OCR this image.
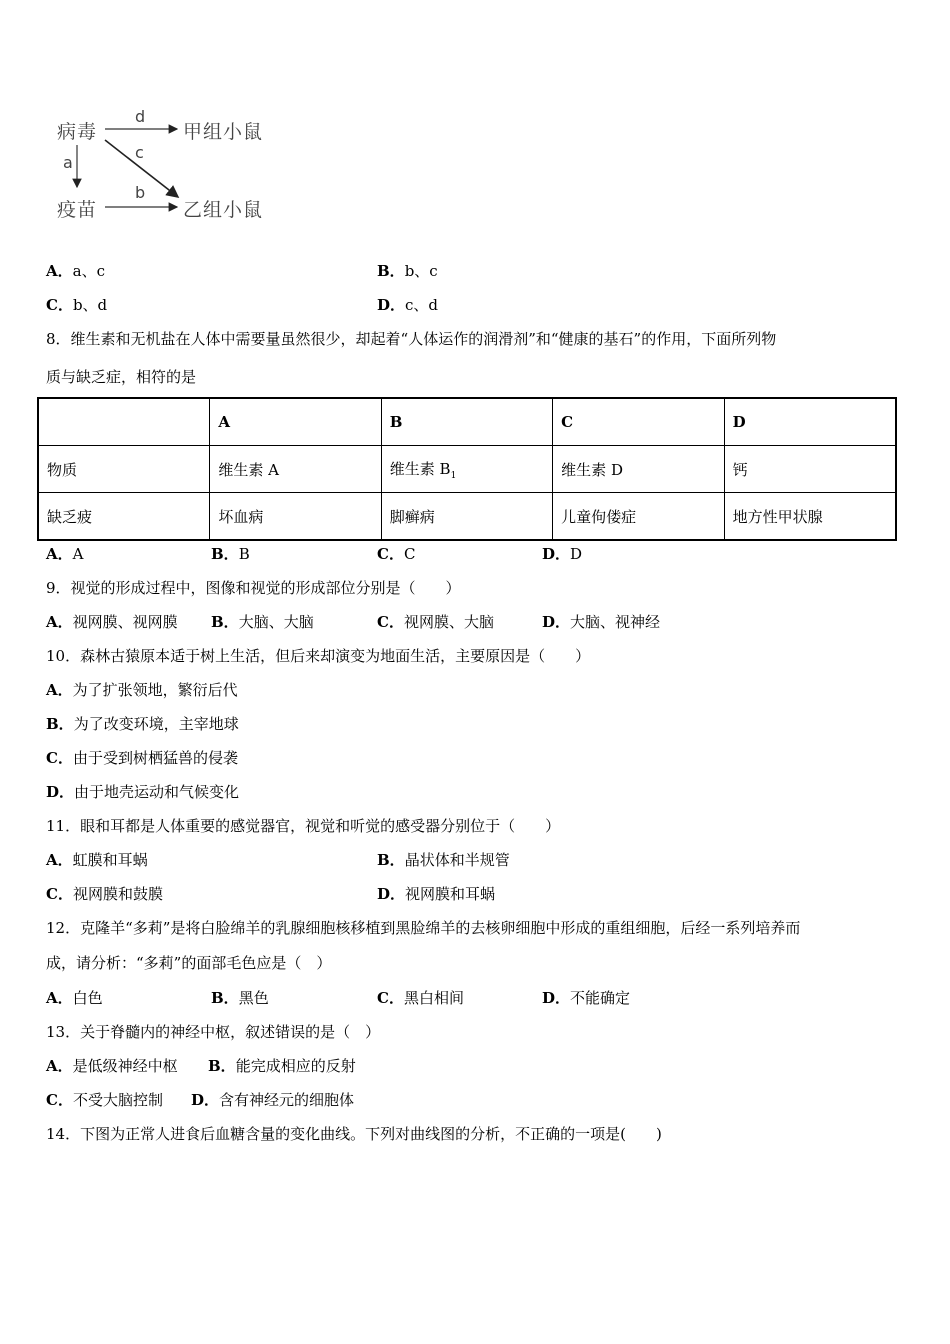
病毒
疫苗
甲组小鼠
乙组小鼠
a
b
c
d
A．a、c	B．b、c
C．b、d	D．c、d
8．维生素和无机盐在人体中需要量虽然很少，却起着“人体运作的润滑剂”和“健康的基石”的作用，下面所列物
质与缺乏症，相符的是
	A	B	C	D
物质	维生素 A	维生素 $B_1$	维生素 D	钙
缺乏疲	坏血病	脚癣病	儿童佝偻症	地方性甲状腺
A．A	B．B	C．C	D．D
9．视觉的形成过程中，图像和视觉的形成部位分别是（　　）
A．视网膜、视网膜 B．大脑、大脑	C．视网膜、大脑	D．大脑、视神经
10．森林古猿原本适于树上生活，但后来却演变为地面生活，主要原因是（　　）
A．为了扩张领地，繁衍后代
B．为了改变环境，主宰地球
C．由于受到树栖猛兽的侵袭
D．由于地壳运动和气候变化
11．眼和耳都是人体重要的感觉器官，视觉和听觉的感受器分别位于（　　）
A．虹膜和耳蜗	B．晶状体和半规管
C．视网膜和鼓膜	D．视网膜和耳蜗
12．克隆羊“多莉”是将白脸绵羊的乳腺细胞核移植到黑脸绵羊的去核卵细胞中形成的重组细胞，后经一系列培养而
成，请分析：“多莉”的面部毛色应是（　）
A．白色	B．黑色	C．黑白相间	D．不能确定
13．关于脊髓内的神经中枢，叙述错误的是（　）
A．是低级神经中枢 B．能完成相应的反射
C．不受大脑控制 D．含有神经元的细胞体
14．下图为正常人进食后血糖含量的变化曲线。下列对曲线图的分析，不正确的一项是(　　)
